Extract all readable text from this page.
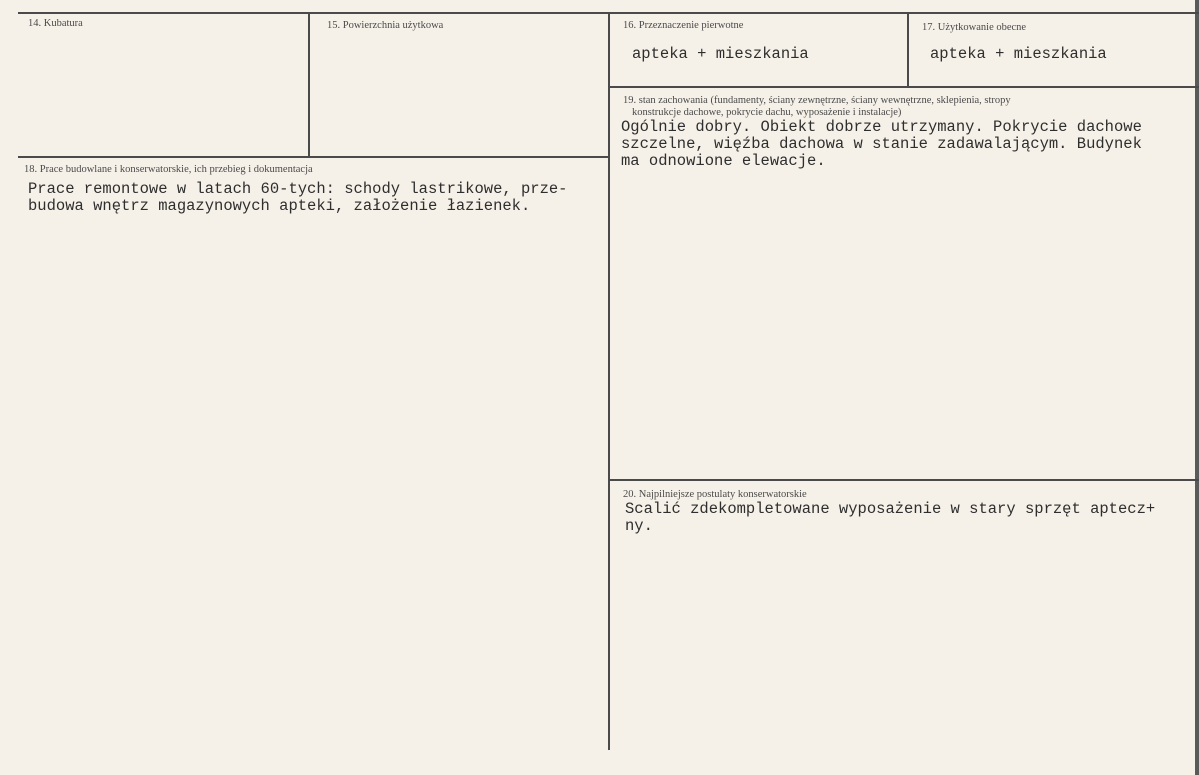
14. Kubatura	15. Powierzchnia użytkowa	16. Przeznaczenie pierwotne
apteka + mieszkania
17. Użytkowanie obecne
apteka + mieszkania
18. Prace budowlane i konserwatorskie, ich przebieg i dokumentacja
Prace remontowe w latach 60-tych: schody lastrikowe, prze-
budowa wnętrz magazynowych apteki, założenie łazienek.
19. stan zachowania (fundamenty, ściany zewnętrzne, ściany wewnętrzne, sklepienia, stropy
konstrukcje dachowe, pokrycie dachu, wyposażenie i instalacje)
Ogólnie dobry. Obiekt dobrze utrzymany. Pokrycie dachowe
szczelne, więźba dachowa w stanie zadawalającym. Budynek
ma odnowione elewacje.
20. Najpilniejsze postulaty konserwatorskie
Scalić zdekompletowane wyposażenie w stary sprzęt aptecz+
ny.
